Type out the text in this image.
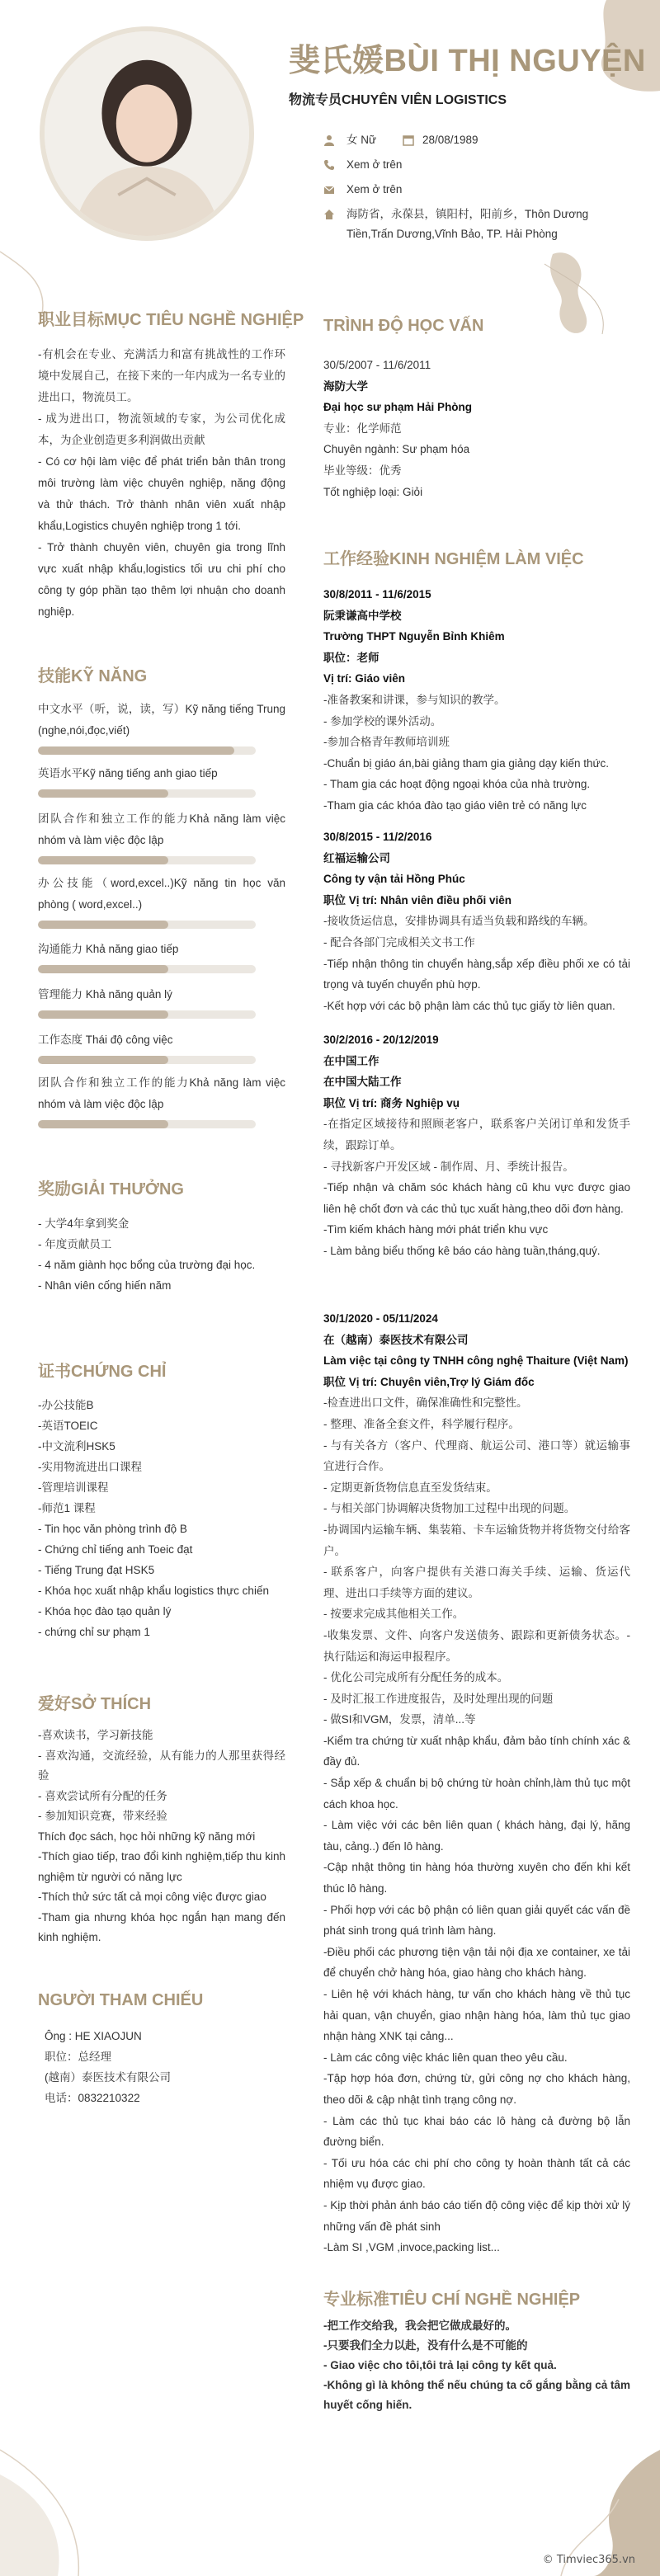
斐氏媛BÙI THỊ NGUYỆN
物流专员CHUYÊN VIÊN LOGISTICS
女 Nữ	28/08/1989
Xem ở trên
Xem ở trên
海防省，永葆县，镇阳村，阳前乡，Thôn Dương Tiền,Trấn Dương,Vĩnh Bảo, TP. Hải Phòng
职业目标MỤC TIÊU NGHỀ NGHIỆP

-有机会在专业、充满活力和富有挑战性的工作环境中发展自己，在接下来的一年内成为一名专业的进出口，物流员工。

- 成为进出口，物流领域的专家，为公司优化成本，为企业创造更多利润做出贡献

- Có cơ hội làm việc để phát triển bản thân trong môi trường làm việc chuyên nghiệp, năng động và thử thách. Trở thành nhân viên xuất nhập khẩu,Logistics chuyên nghiệp trong 1 tới.

- Trở thành chuyên viên, chuyên gia trong lĩnh vực xuất nhập khẩu,logistics tối ưu chi phí cho công ty góp phần tạo thêm lợi nhuận cho doanh nghiệp.

技能KỸ NĂNG
中文水平（听，说，读，写）Kỹ năng tiếng Trung (nghe,nói,đọc,viết)
英语水平Kỹ năng tiếng anh giao tiếp
团队合作和独立工作的能力Khả năng làm việc nhóm và làm việc độc lập
办公技能（word,excel..)Kỹ năng tin học văn phòng ( word,excel..)
沟通能力 Khả năng giao tiếp
管理能力 Khả năng quản lý
工作态度 Thái độ công việc
团队合作和独立工作的能力Khả năng làm việc nhóm và làm việc độc lập
奖励GIẢI THƯỞNG
- 大学4年拿到奖金
- 年度贡献员工
- 4 năm giành học bổng của trường đại học.
- Nhân viên cống hiến năm
证书CHỨNG CHỈ
-办公技能B
-英语TOEIC
-中文流利HSK5
-实用物流进出口课程
-管理培训课程
-师范1 课程
- Tin học văn phòng trình độ B
- Chứng chỉ tiếng anh Toeic đạt
- Tiếng Trung đạt HSK5
- Khóa học xuất nhập khẩu logistics thực chiến
- Khóa học đào tạo quản lý
- chứng chỉ sư phạm 1
爱好SỞ THÍCH

-喜欢读书，学习新技能

- 喜欢沟通，交流经验，从有能力的人那里获得经验

- 喜欢尝试所有分配的任务

- 参加知识竞赛，带来经验

Thích đọc sách, học hỏi những kỹ năng mới

-Thích giao tiếp, trao đổi kinh nghiệm,tiếp thu kinh nghiệm từ người có năng lực

-Thích thử sức tất cả mọi công việc được giao

-Tham gia nhưng khóa học ngắn hạn mang đến kinh nghiệm.

NGƯỜI THAM CHIẾU
Ông : HE XIAOJUN
职位：总经理
(越南）泰医技术有限公司
电话：0832210322
TRÌNH ĐỘ HỌC VẤN
30/5/2007 - 11/6/2011
海防大学
Đại học sư phạm Hải Phòng
专业：化学师范
Chuyên ngành: Sư phạm hóa
毕业等级：优秀
Tốt nghiệp loại: Giỏi
工作经验KINH NGHIỆM LÀM VIỆC
30/8/2011 - 11/6/2015
阮秉谦高中学校
Trường THPT Nguyễn Bỉnh Khiêm
职位：老师
Vị trí: Giáo viên
-准备教案和讲课，参与知识的教学。
- 参加学校的课外活动。
-参加合格青年教师培训班
-Chuẩn bị giáo án,bài giảng tham gia giảng dạy kiến thức.
- Tham gia các hoạt động ngoại khóa của nhà trường.
-Tham gia các khóa đào tạo giáo viên trẻ có năng lực
30/8/2015 - 11/2/2016
红福运输公司
Công ty vận tải Hồng Phúc
职位 Vị trí: Nhân viên điều phối viên
-接收货运信息，安排协调具有适当负载和路线的车辆。
- 配合各部门完成相关文书工作
-Tiếp nhận thông tin chuyển hàng,sắp xếp điều phối xe có tải trọng và tuyến chuyển phù hợp.
-Kết hợp với các bộ phận làm các thủ tục giấy tờ liên quan.
30/2/2016 - 20/12/2019
在中国工作
在中国大陆工作
职位 Vị trí: 商务 Nghiệp vụ
-在指定区域接待和照顾老客户，联系客户关闭订单和发货手续，跟踪订单。
- 寻找新客户开发区域 - 制作周、月、季统计报告。
-Tiếp nhận và chăm sóc khách hàng cũ khu vực được giao liên hệ chốt đơn và các thủ tục xuất hàng,theo dõi đơn hàng.
-Tìm kiếm khách hàng mới phát triển khu vực
- Làm bảng biểu thống kê báo cáo hàng tuần,tháng,quý.
30/1/2020 - 05/11/2024
在（越南）泰医技术有限公司
Làm việc tại công ty TNHH công nghệ Thaiture (Việt Nam)
职位 Vị trí: Chuyên viên,Trợ lý Giám đốc
-检查进出口文件，确保准确性和完整性。
- 整理、准备全套文件，科学履行程序。
- 与有关各方（客户、代理商、航运公司、港口等）就运输事宜进行合作。
- 定期更新货物信息直至发货结束。
- 与相关部门协调解决货物加工过程中出现的问题。
-协调国内运输车辆、集装箱、卡车运输货物并将货物交付给客户。
- 联系客户，向客户提供有关港口海关手续、运输、货运代理、进出口手续等方面的建议。
- 按要求完成其他相关工作。
-收集发票、文件、向客户发送债务、跟踪和更新债务状态。- 执行陆运和海运申报程序。
- 优化公司完成所有分配任务的成本。
- 及时汇报工作进度报告，及时处理出现的问题
- 做SI和VGM，发票，清单...等
-Kiểm tra chứng từ xuất nhập khẩu, đảm bảo tính chính xác & đầy đủ.
- Sắp xếp & chuẩn bị bộ chứng từ hoàn chỉnh,làm thủ tục một cách khoa học.
- Làm việc với các bên liên quan ( khách hàng, đại lý, hãng tàu, cảng..) đến lô hàng.
-Cập nhật thông tin hàng hóa thường xuyên cho đến khi kết thúc lô hàng.
- Phối hợp với các bộ phận có liên quan giải quyết các vấn đề phát sinh trong quá trình làm hàng.
-Điều phối các phương tiện vận tải nội địa xe container, xe tải để chuyển chở hàng hóa, giao hàng cho khách hàng.
- Liên hệ với khách hàng, tư vấn cho khách hàng về thủ tục hải quan, vận chuyển, giao nhận hàng hóa, làm thủ tục giao nhận hàng XNK tại cảng...
- Làm các công việc khác liên quan theo yêu cầu.
-Tập hợp hóa đơn, chứng từ, gửi công nợ cho khách hàng, theo dõi & cập nhật tình trạng công nợ.
- Làm các thủ tục khai báo các lô hàng cả đường bộ lẫn đường biển.
- Tối ưu hóa các chi phí cho công ty hoàn thành tất cả các nhiệm vụ được giao.
- Kịp thời phản ánh báo cáo tiến độ công việc để kịp thời xử lý những vấn đề phát sinh
-Làm SI ,VGM ,invoce,packing list...
专业标准TIÊU CHÍ NGHỀ NGHIỆP
-把工作交给我，我会把它做成最好的。
-只要我们全力以赴，没有什么是不可能的
- Giao việc cho tôi,tôi trả lại công ty kết quả.
-Không gì là không thể nếu chúng ta cố gắng bằng cả tâm huyết cống hiến.
© Timviec365.vn
